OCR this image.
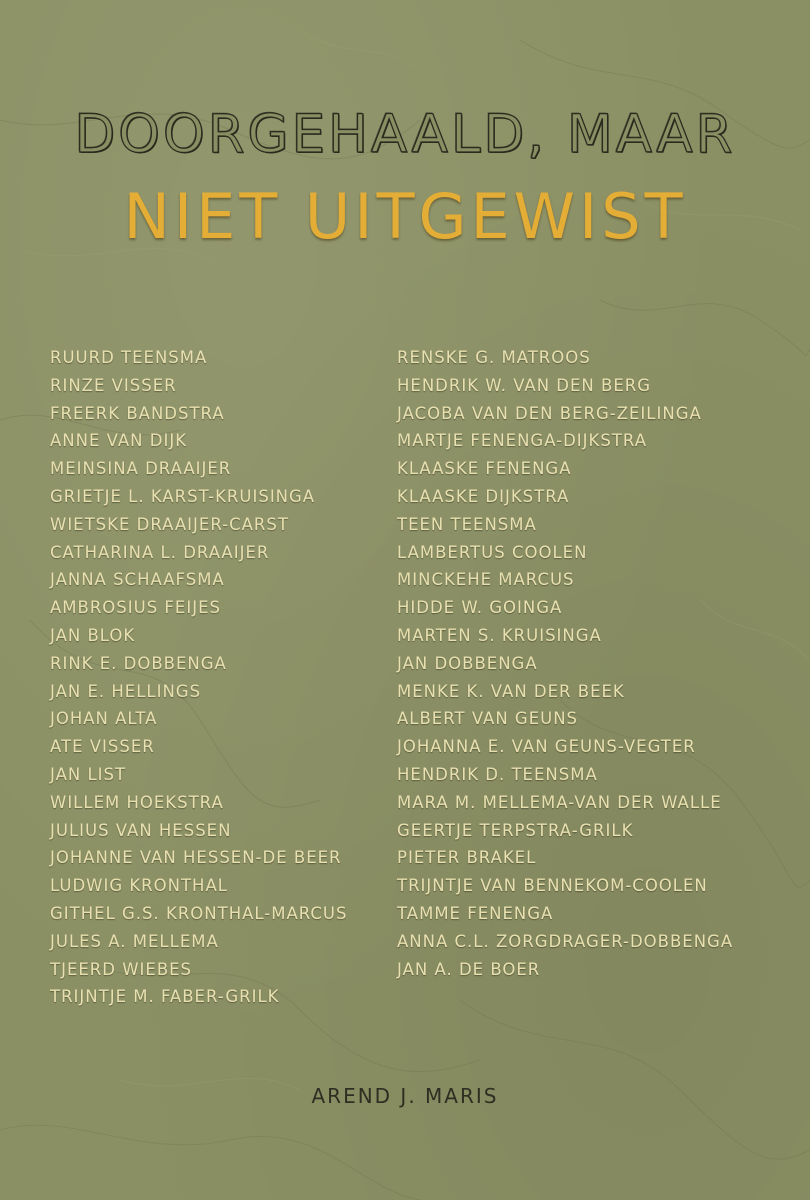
DOORGEHAALD, MAAR
NIET UITGEWIST
RUURD TEENSMA
RINZE VISSER
FREERK BANDSTRA
ANNE VAN DIJK
MEINSINA DRAAIJER
GRIETJE L. KARST-KRUISINGA
WIETSKE DRAAIJER-CARST
CATHARINA L. DRAAIJER
JANNA SCHAAFSMA
AMBROSIUS FEIJES
JAN BLOK
RINK E. DOBBENGA
JAN E. HELLINGS
JOHAN ALTA
ATE VISSER
JAN LIST
WILLEM HOEKSTRA
JULIUS VAN HESSEN
JOHANNE VAN HESSEN-DE BEER
LUDWIG KRONTHAL
GITHEL G.S. KRONTHAL-MARCUS
JULES A. MELLEMA
TJEERD WIEBES
TRIJNTJE M. FABER-GRILK
RENSKE G. MATROOS
HENDRIK W. VAN DEN BERG
JACOBA VAN DEN BERG-ZEILINGA
MARTJE FENENGA-DIJKSTRA
KLAASKE FENENGA
KLAASKE DIJKSTRA
TEEN TEENSMA
LAMBERTUS COOLEN
MINCKEHE MARCUS
HIDDE W. GOINGA
MARTEN S. KRUISINGA
JAN DOBBENGA
MENKE K. VAN DER BEEK
ALBERT VAN GEUNS
JOHANNA E. VAN GEUNS-VEGTER
HENDRIK D. TEENSMA
MARA M. MELLEMA-VAN DER WALLE
GEERTJE TERPSTRA-GRILK
PIETER BRAKEL
TRIJNTJE VAN BENNEKOM-COOLEN
TAMME FENENGA
ANNA C.L. ZORGDRAGER-DOBBENGA
JAN A. DE BOER
AREND J. MARIS
